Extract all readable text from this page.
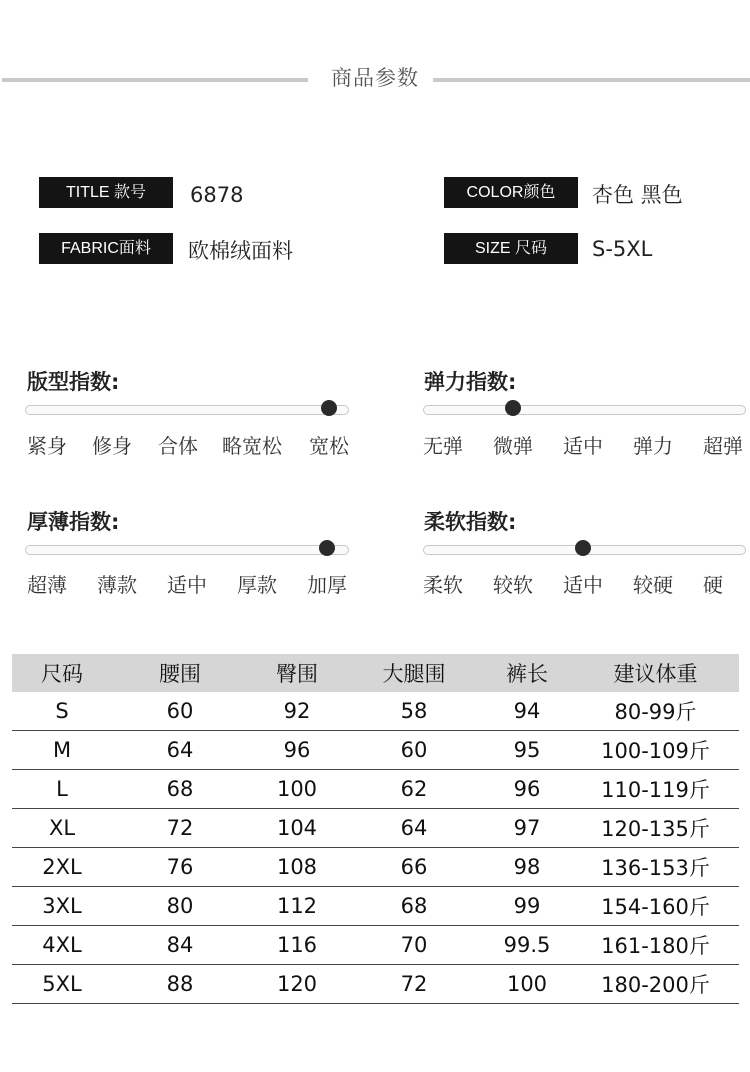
商品参数
TITLE 款号	6878
FABRIC面料	欧棉绒面料
COLOR颜色	杏色 黑色
SIZE 尺码	S-5XL
版型指数:
紧身 修身 合体 略宽松 宽松
弹力指数:
无弹 微弹 适中 弹力 超弹
厚薄指数:
超薄 薄款 适中 厚款 加厚
柔软指数:
柔软 较软 适中 较硬 硬
尺码	腰围	臀围	大腿围	裤长	建议体重
S	60	92	58	94	80-99斤
M	64	96	60	95	100-109斤
L	68	100	62	96	110-119斤
XL	72	104	64	97	120-135斤
2XL	76	108	66	98	136-153斤
3XL	80	112	68	99	154-160斤
4XL	84	116	70	99.5	161-180斤
5XL	88	120	72	100	180-200斤
